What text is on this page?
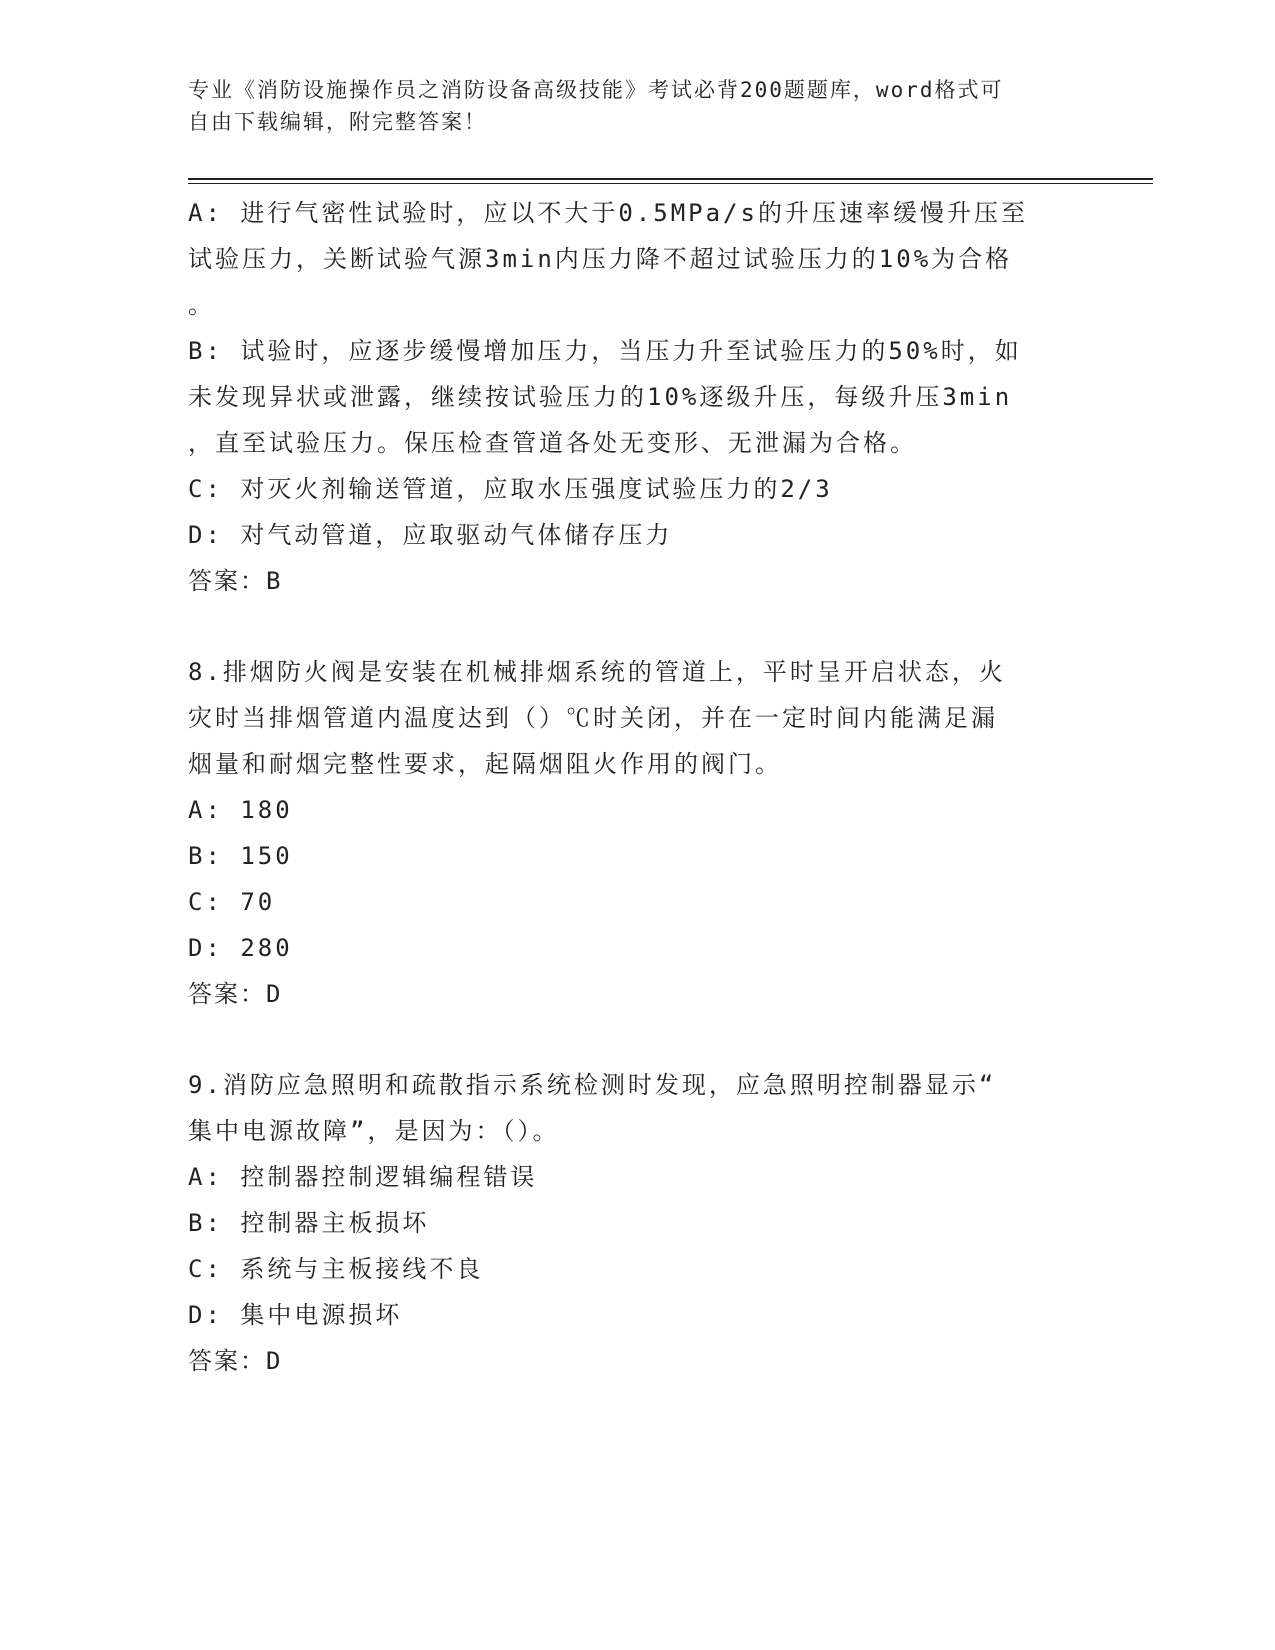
专业《消防设施操作员之消防设备高级技能》考试必背200题题库，word格式可
自由下载编辑，附完整答案！

A: 进行气密性试验时，应以不大于0.5MPa/s的升压速率缓慢升压至

试验压力，关断试验气源3min内压力降不超过试验压力的10%为合格

。

B: 试验时，应逐步缓慢增加压力，当压力升至试验压力的50%时，如

未发现异状或泄露，继续按试验压力的10%逐级升压，每级升压3min

，直至试验压力。保压检查管道各处无变形、无泄漏为合格。

C: 对灭火剂输送管道，应取水压强度试验压力的2/3

D: 对气动管道，应取驱动气体储存压力

答案：B

8.排烟防火阀是安装在机械排烟系统的管道上，平时呈开启状态，火

灾时当排烟管道内温度达到（）℃时关闭，并在一定时间内能满足漏

烟量和耐烟完整性要求，起隔烟阻火作用的阀门。

A: 180

B: 150

C: 70

D: 280

答案：D

9.消防应急照明和疏散指示系统检测时发现，应急照明控制器显示“

集中电源故障”，是因为：（）。

A: 控制器控制逻辑编程错误

B: 控制器主板损坏

C: 系统与主板接线不良

D: 集中电源损坏

答案：D
